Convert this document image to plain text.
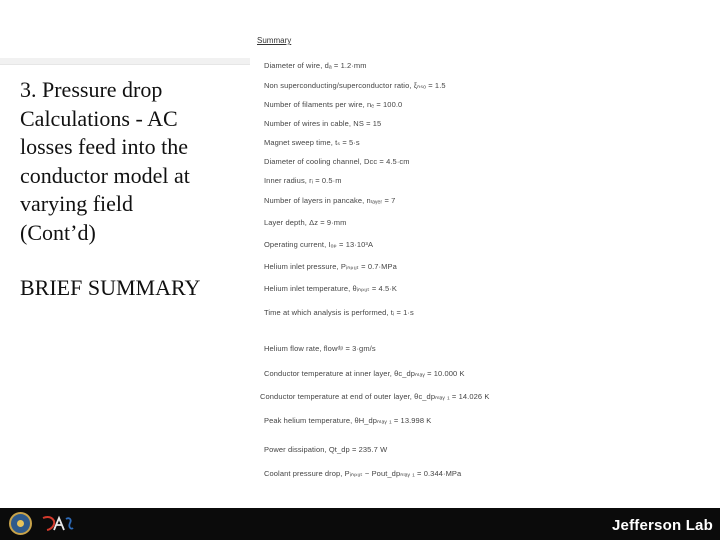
3. Pressure drop
Calculations - AC
losses feed into the
conductor model at
varying field
(Cont’d)

BRIEF SUMMARY

Summary
Diameter of wire, dₐ = 1.2·mm
Non superconducting/superconductor ratio, ξₙₛₒ = 1.5
Number of filaments per wire, nₑ = 100.0
Number of wires in cable, NS = 15
Magnet sweep time, tₛ = 5·s
Diameter of cooling channel, Dᴄᴄ = 4.5·cm
Inner radius, rᵢ = 0.5·m
Number of layers in pancake, nₗₐᵧₑᵣ = 7
Layer depth, Δz = 9·mm
Operating current, Iₒₚ = 13·10³A
Helium inlet pressure, Pᵢₙₚᵤₜ = 0.7·MPa
Helium inlet temperature, θᵢₙₚᵤₜ = 4.5·K
Time at which analysis is performed, tᵢ = 1·s
Helium flow rate, flowᵈᵖ = 3·gm/s
Conductor temperature at inner layer, θc_dpₙₗₐᵧ = 10.000 K
Conductor temperature at end of outer layer, θc_dpₙₗₐᵧ ₁ = 14.026 K
Peak helium temperature, θH_dpₙₗₐᵧ ₁ = 13.998 K
Power dissipation, Qt_dp = 235.7 W
Coolant pressure drop, Pᵢₙₚᵤₜ − Pout_dpₙₗₐᵧ ₁ = 0.344·MPa
Jefferson Lab
